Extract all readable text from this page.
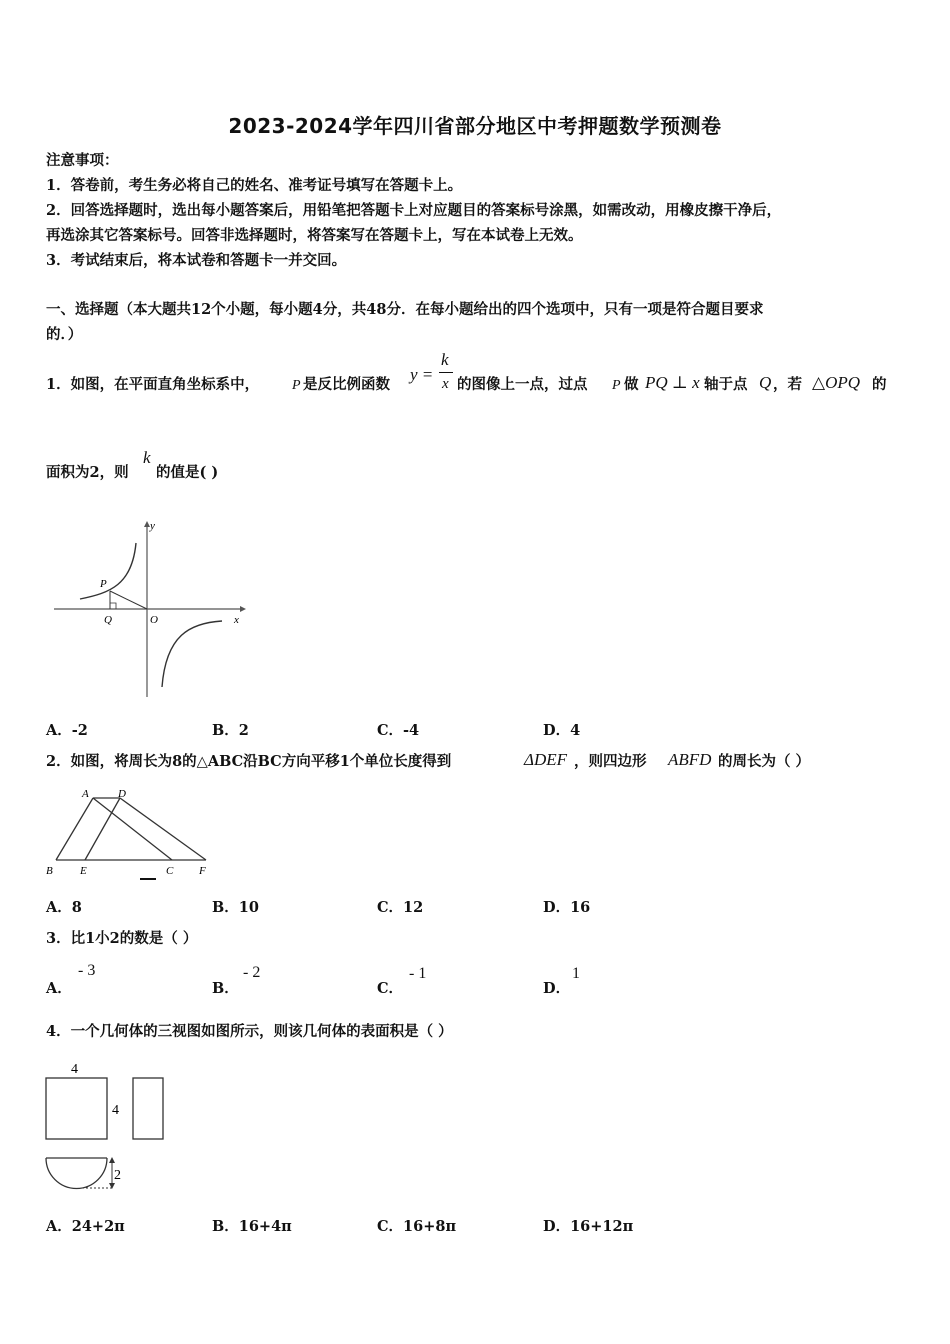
2023-2024学年四川省部分地区中考押题数学预测卷
注意事项：
1．答卷前，考生务必将自己的姓名、准考证号填写在答题卡上。
2．回答选择题时，选出每小题答案后，用铅笔把答题卡上对应题目的答案标号涂黑，如需改动，用橡皮擦干净后，
再选涂其它答案标号。回答非选择题时，将答案写在答题卡上，写在本试卷上无效。
3．考试结束后，将本试卷和答题卡一并交回。
一、选择题（本大题共12个小题，每小题4分，共48分．在每小题给出的四个选项中，只有一项是符合题目要求
的．）
1．如图，在平面直角坐标系中， P 是反比例函数
y =
k
x 的图像上一点，过点 P 做 PQ ⊥ x 轴于点 Q ，若 △OPQ 的
面积为2，则
k
的值是( )
y
x
P
Q	O
A．-2	B．2	C．-4	D．4
2．如图，将周长为8的△ABC沿BC方向平移1个单位长度得到	ΔDEF ，则四边形 ABFD 的周长为（ ）
A	D
B E	C F
A．8	B．10	C．12	D．16
3．比1小2的数是（ ）
A．
- 3
B．
- 2
C．
- 1
D．
1
4．一个几何体的三视图如图所示，则该几何体的表面积是（ ）
4
4
2
A．24+2π	B．16+4π	C．16+8π	D．16+12π
